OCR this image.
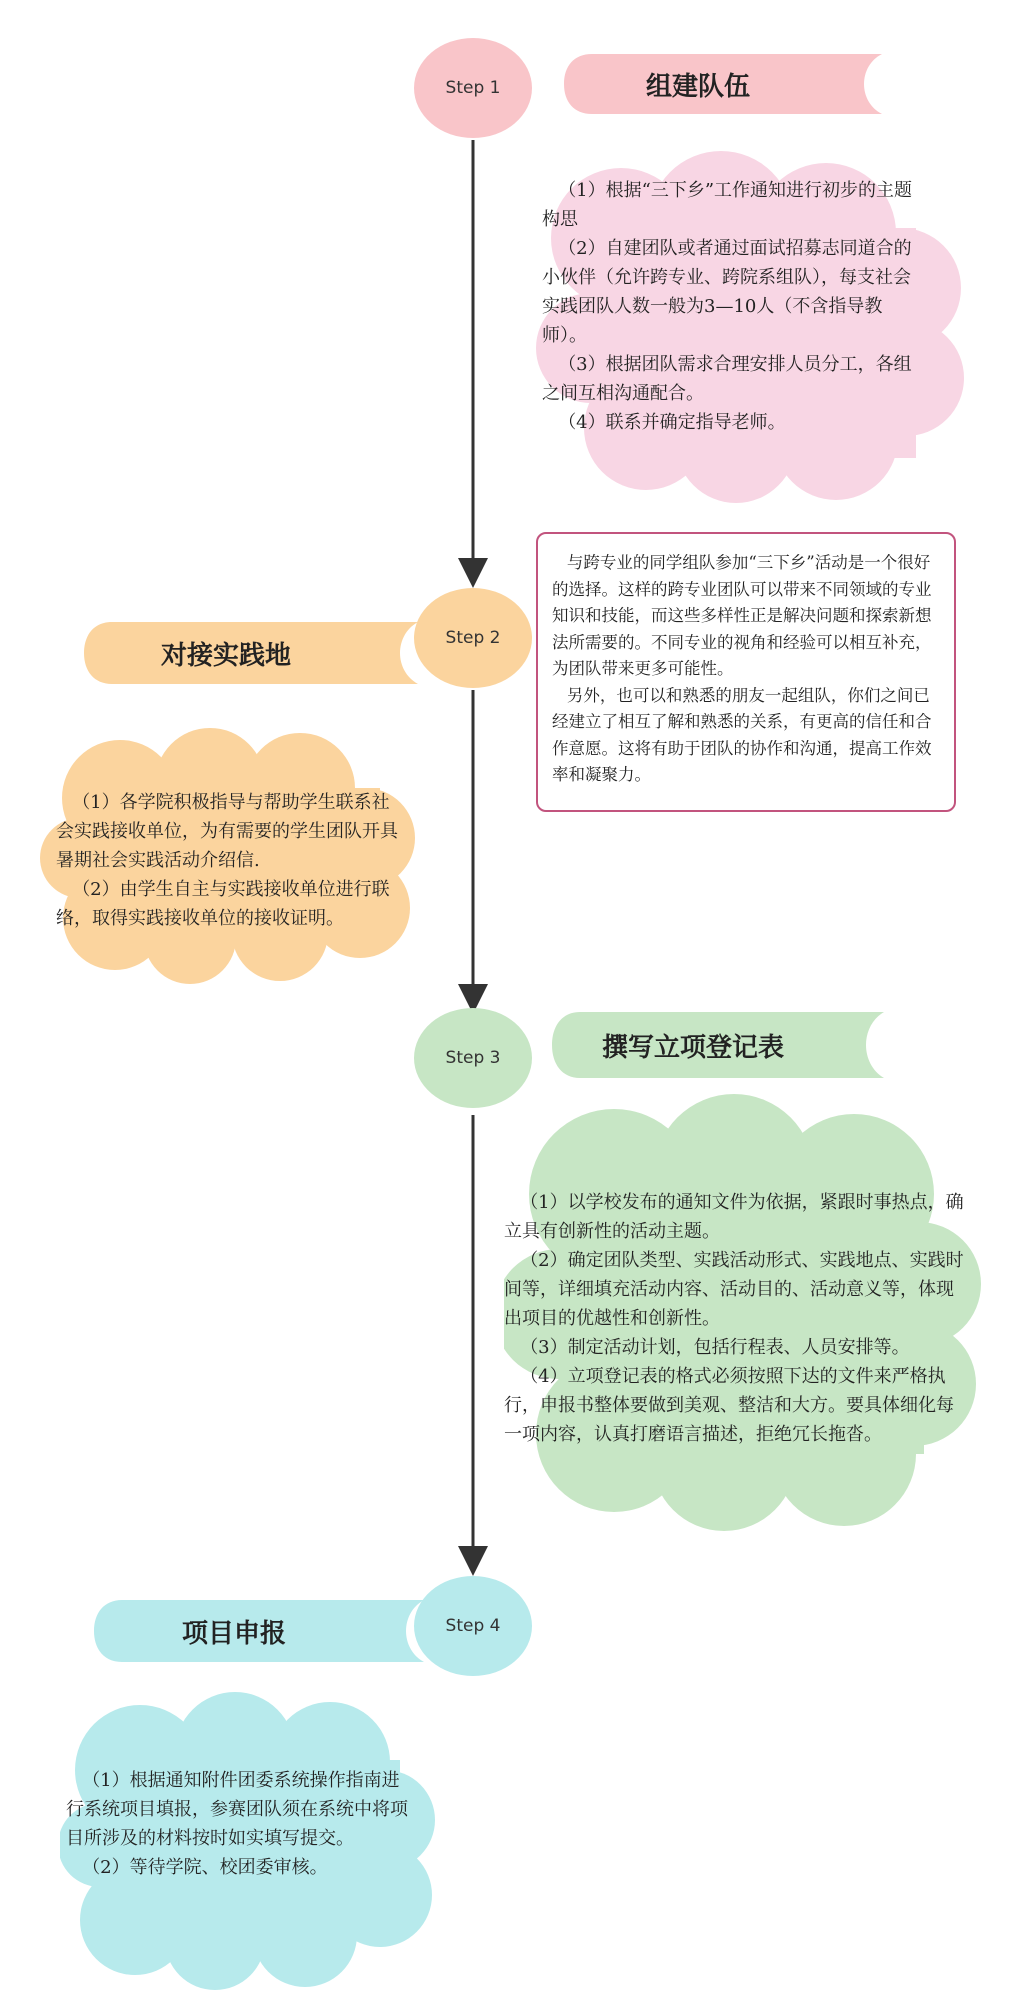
Step 1	组建队伍

（1）根据“三下乡”工作通知进行初步的主题构思

（2）自建团队或者通过面试招募志同道合的小伙伴（允许跨专业、跨院系组队），每支社会实践团队人数一般为3—10人（不含指导教师）。

（3）根据团队需求合理安排人员分工，各组之间互相沟通配合。

（4）联系并确定指导老师。

与跨专业的同学组队参加“三下乡”活动是一个很好的选择。这样的跨专业团队可以带来不同领域的专业知识和技能，而这些多样性正是解决问题和探索新想法所需要的。不同专业的视角和经验可以相互补充，为团队带来更多可能性。

另外，也可以和熟悉的朋友一起组队，你们之间已经建立了相互了解和熟悉的关系，有更高的信任和合作意愿。这将有助于团队的协作和沟通，提高工作效率和凝聚力。

Step 2
对接实践地

（1）各学院积极指导与帮助学生联系社会实践接收单位，为有需要的学生团队开具暑期社会实践活动介绍信.

（2）由学生自主与实践接收单位进行联络，取得实践接收单位的接收证明。

Step 3	撰写立项登记表

（1）以学校发布的通知文件为依据，紧跟时事热点，确立具有创新性的活动主题。

（2）确定团队类型、实践活动形式、实践地点、实践时间等，详细填充活动内容、活动目的、活动意义等，体现出项目的优越性和创新性。

（3）制定活动计划，包括行程表、人员安排等。

（4）立项登记表的格式必须按照下达的文件来严格执行，申报书整体要做到美观、整洁和大方。要具体细化每一项内容，认真打磨语言描述，拒绝冗长拖沓。

Step 4
项目申报

（1）根据通知附件团委系统操作指南进行系统项目填报，参赛团队须在系统中将项目所涉及的材料按时如实填写提交。

（2）等待学院、校团委审核。
